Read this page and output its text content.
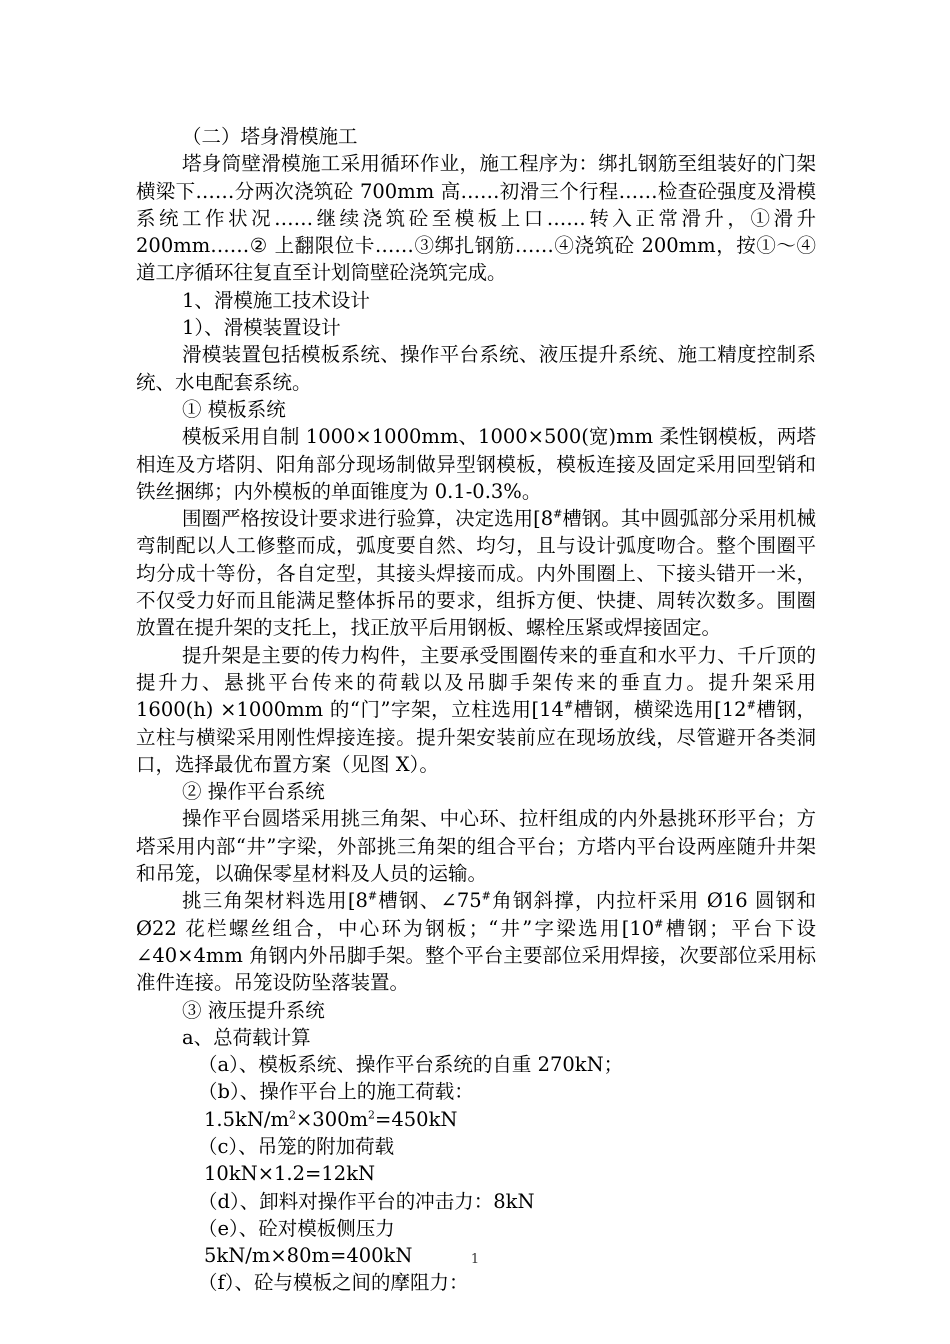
（二）塔身滑模施工

塔身筒壁滑模施工采用循环作业，施工程序为：绑扎钢筋至组装好的门架横梁下……分两次浇筑砼 700mm 高……初滑三个行程……检查砼强度及滑模系统工作状况……继续浇筑砼至模板上口……转入正常滑升，①滑升 200mm……② 上翻限位卡……③绑扎钢筋……④浇筑砼 200mm，按①～④道工序循环往复直至计划筒壁砼浇筑完成。

1、滑模施工技术设计

1）、滑模装置设计

滑模装置包括模板系统、操作平台系统、液压提升系统、施工精度控制系统、水电配套系统。

① 模板系统

模板采用自制 1000×1000mm、1000×500(宽)mm 柔性钢模板，两塔相连及方塔阴、阳角部分现场制做异型钢模板，模板连接及固定采用回型销和铁丝捆绑；内外模板的单面锥度为 0.1-0.3%。

围圈严格按设计要求进行验算，决定选用[8#槽钢。其中圆弧部分采用机械弯制配以人工修整而成，弧度要自然、均匀，且与设计弧度吻合。整个围圈平均分成十等份，各自定型，其接头焊接而成。内外围圈上、下接头错开一米，不仅受力好而且能满足整体拆吊的要求，组拆方便、快捷、周转次数多。围圈放置在提升架的支托上，找正放平后用钢板、螺栓压紧或焊接固定。

提升架是主要的传力构件，主要承受围圈传来的垂直和水平力、千斤顶的提升力、悬挑平台传来的荷载以及吊脚手架传来的垂直力。提升架采用 1600(h) ×1000mm 的“门”字架，立柱选用[14#槽钢，横梁选用[12#槽钢，立柱与横梁采用刚性焊接连接。提升架安装前应在现场放线，尽管避开各类洞口，选择最优布置方案（见图 X）。

② 操作平台系统

操作平台圆塔采用挑三角架、中心环、拉杆组成的内外悬挑环形平台；方塔采用内部“井”字梁，外部挑三角架的组合平台；方塔内平台设两座随升井架和吊笼，以确保零星材料及人员的运输。

挑三角架材料选用[8#槽钢、∠75#角钢斜撑，内拉杆采用 Ø16 圆钢和 Ø22 花栏螺丝组合，中心环为钢板；“井”字梁选用[10#槽钢；平台下设∠40×4mm 角钢内外吊脚手架。整个平台主要部位采用焊接，次要部位采用标准件连接。吊笼设防坠落装置。

③ 液压提升系统

a、总荷载计算

（a）、模板系统、操作平台系统的自重 270kN；

（b）、操作平台上的施工荷载：

$1.5kN/m^2\times 300m^2=450kN$

（c）、吊笼的附加荷载

10kN×1.2=12kN

（d）、卸料对操作平台的冲击力：8kN

（e）、砼对模板侧压力

5kN/m×80m=400kN

（f）、砼与模板之间的摩阻力：

1
